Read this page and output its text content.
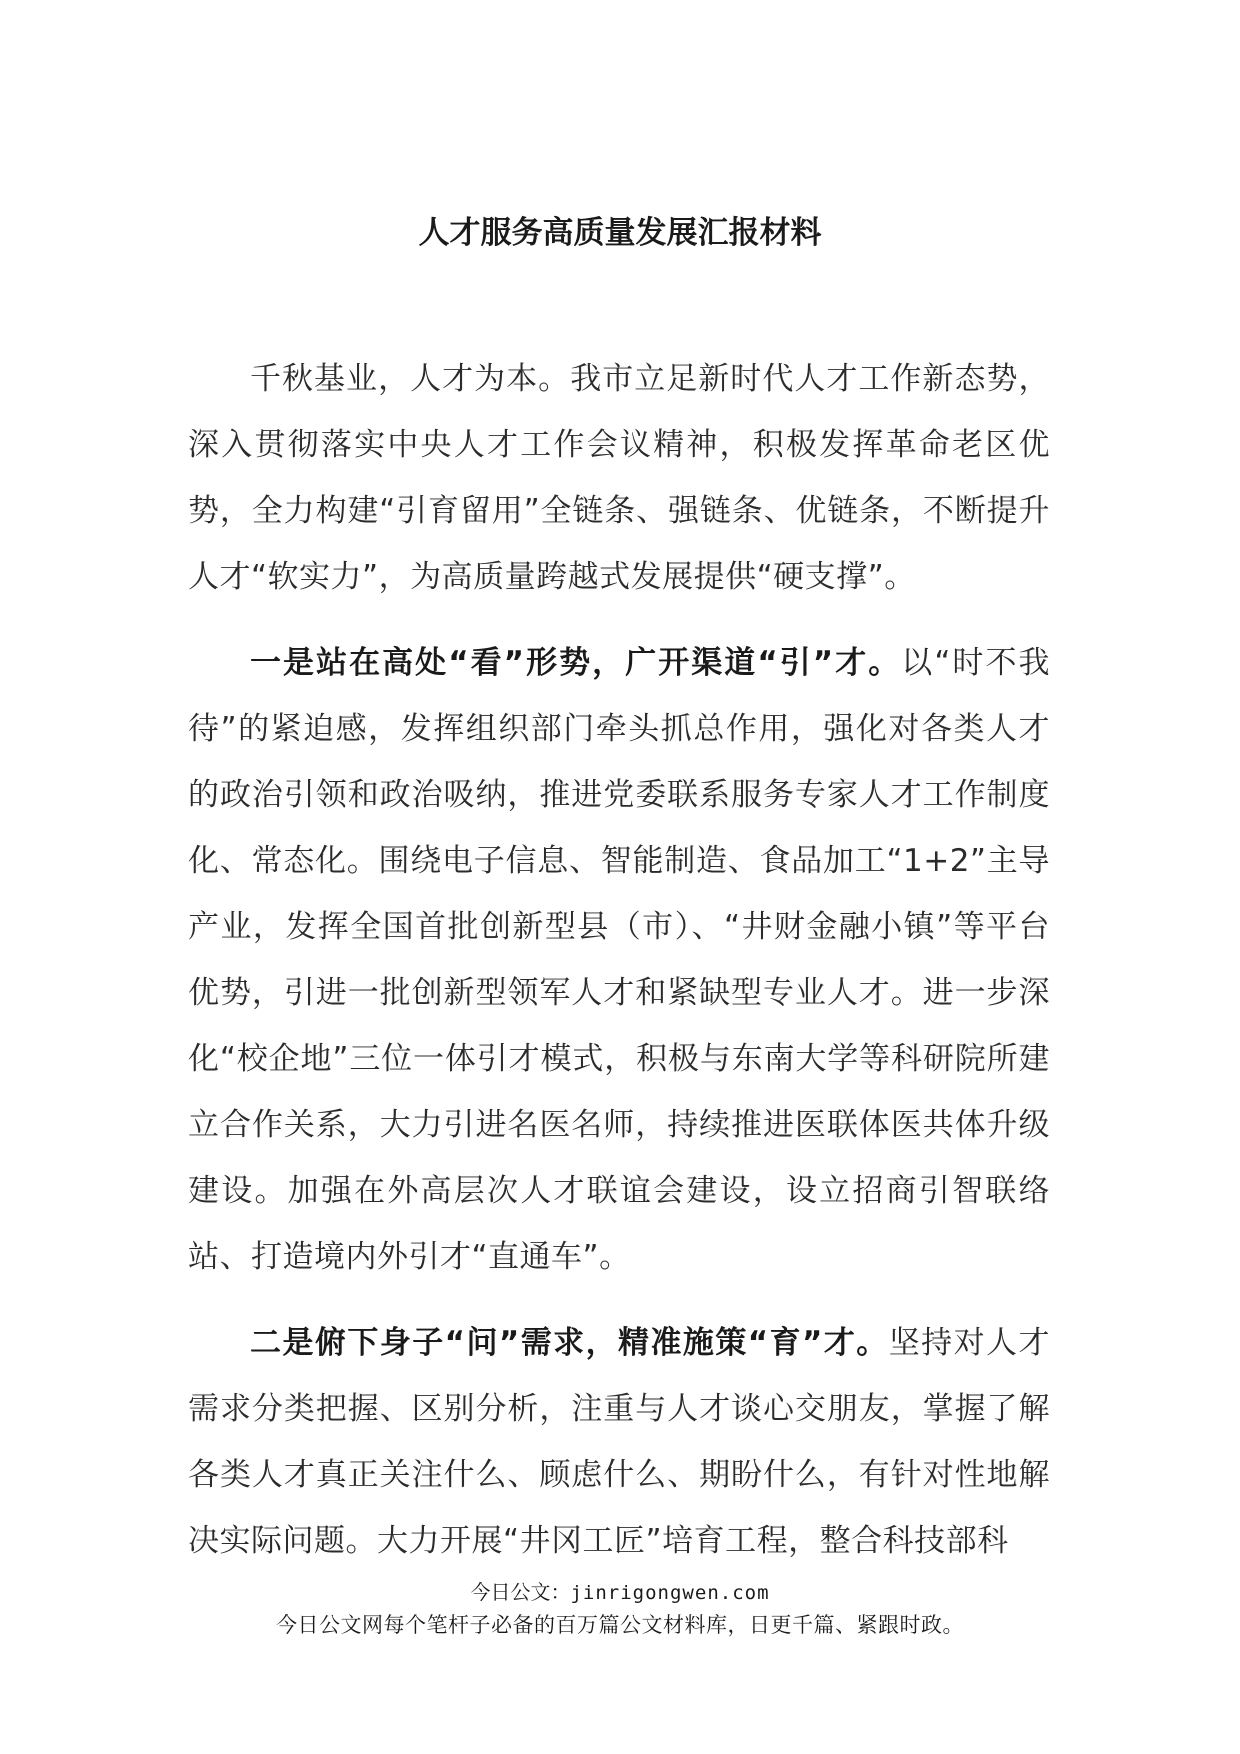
人才服务高质量发展汇报材料

千秋基业，人才为本。我市立足新时代人才工作新态势，深入贯彻落实中央人才工作会议精神，积极发挥革命老区优势，全力构建“引育留用”全链条、强链条、优链条，不断提升人才“软实力”，为高质量跨越式发展提供“硬支撑”。

一是站在高处“看”形势，广开渠道“引”才。以“时不我待”的紧迫感，发挥组织部门牵头抓总作用，强化对各类人才的政治引领和政治吸纳，推进党委联系服务专家人才工作制度化、常态化。围绕电子信息、智能制造、食品加工“1+2”主导产业，发挥全国首批创新型县（市）、“井财金融小镇”等平台优势，引进一批创新型领军人才和紧缺型专业人才。进一步深化“校企地”三位一体引才模式，积极与东南大学等科研院所建立合作关系，大力引进名医名师，持续推进医联体医共体升级建设。加强在外高层次人才联谊会建设，设立招商引智联络站、打造境内外引才“直通车”。

二是俯下身子“问”需求，精准施策“育”才。坚持对人才需求分类把握、区别分析，注重与人才谈心交朋友，掌握了解各类人才真正关注什么、顾虑什么、期盼什么，有针对性地解决实际问题。大力开展“井冈工匠”培育工程，整合科技部科

今日公文：jinrigongwen.com
今日公文网每个笔杆子必备的百万篇公文材料库，日更千篇、紧跟时政。
